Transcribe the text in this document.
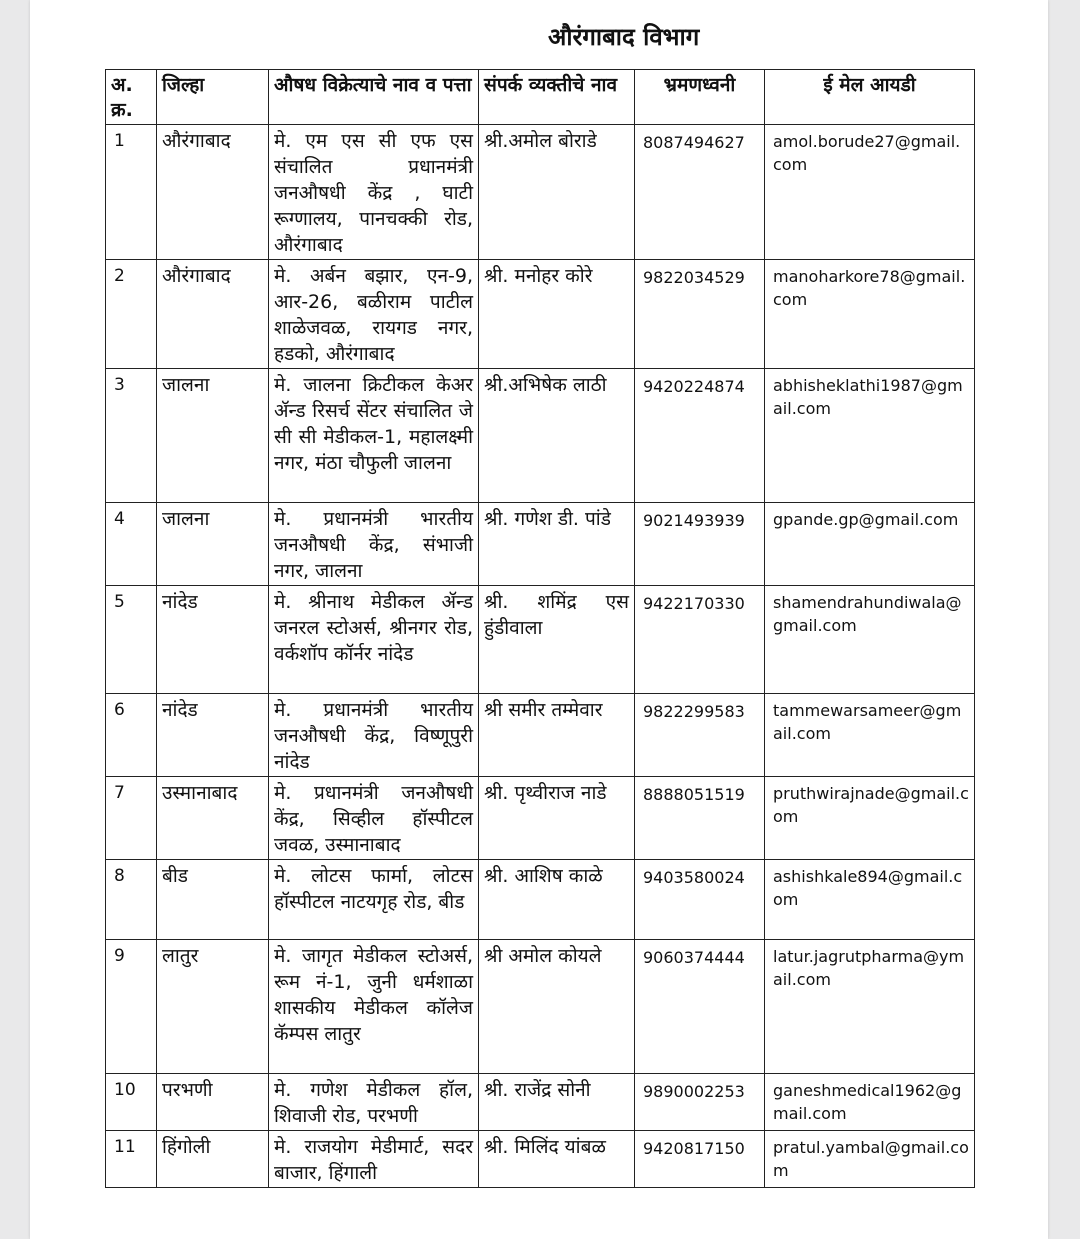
औरंगाबाद विभाग
अ. क्र.	जिल्हा	औषध विक्रेत्याचे नाव व पत्ता	संपर्क व्यक्तीचे नाव	भ्रमणध्वनी	ई मेल आयडी
1	औरंगाबाद	मे. एम एस सी एफ एस संचालित प्रधानमंत्री जनऔषधी केंद्र , घाटी रूग्णालय, पानचक्की रोड, औरंगाबाद	श्री.अमोल बोराडे	8087494627	amol.borude27@gmail.com
2	औरंगाबाद	मे. अर्बन बझार, एन-9, आर-26, बळीराम पाटील शाळेजवळ, रायगड नगर, हडको, औरंगाबाद	श्री. मनोहर कोरे	9822034529	manoharkore78@gmail.com
3	जालना	मे. जालना क्रिटीकल केअर ॲन्ड रिसर्च सेंटर संचालित जे सी सी मेडीकल-1, महालक्ष्मी नगर, मंठा चौफुली जालना	श्री.अभिषेक लाठी	9420224874	abhisheklathi1987@gmail.com
4	जालना	मे. प्रधानमंत्री भारतीय जनऔषधी केंद्र, संभाजी नगर, जालना	श्री. गणेश डी. पांडे	9021493939	gpande.gp@gmail.com
5	नांदेड	मे. श्रीनाथ मेडीकल ॲन्ड जनरल स्टोअर्स, श्रीनगर रोड, वर्कशॉप कॉर्नर नांदेड	श्री. शमिंद्र एस हुंडीवाला	9422170330	shamendrahundiwala@gmail.com
6	नांदेड	मे. प्रधानमंत्री भारतीय जनऔषधी केंद्र, विष्णूपुरी नांदेड	श्री समीर तम्मेवार	9822299583	tammewarsameer@gmail.com
7	उस्मानाबाद	मे. प्रधानमंत्री जनऔषधी केंद्र, सिव्हील हॉस्पीटल जवळ, उस्मानाबाद	श्री. पृथ्वीराज नाडे	8888051519	pruthwirajnade@gmail.com
8	बीड	मे. लोटस फार्मा, लोटस हॉस्पीटल नाटयगृह रोड, बीड	श्री. आशिष काळे	9403580024	ashishkale894@gmail.com
9	लातुर	मे. जागृत मेडीकल स्टोअर्स, रूम नं-1, जुनी धर्मशाळा शासकीय मेडीकल कॉलेज कॅम्पस लातुर	श्री अमोल कोयले	9060374444	latur.jagrutpharma@ymail.com
10	परभणी	मे. गणेश मेडीकल हॉल, शिवाजी रोड, परभणी	श्री. राजेंद्र सोनी	9890002253	ganeshmedical1962@gmail.com
11	हिंगोली	मे. राजयोग मेडीमार्ट, सदर बाजार, हिंगाली	श्री. मिलिंद यांबळ	9420817150	pratul.yambal@gmail.com
